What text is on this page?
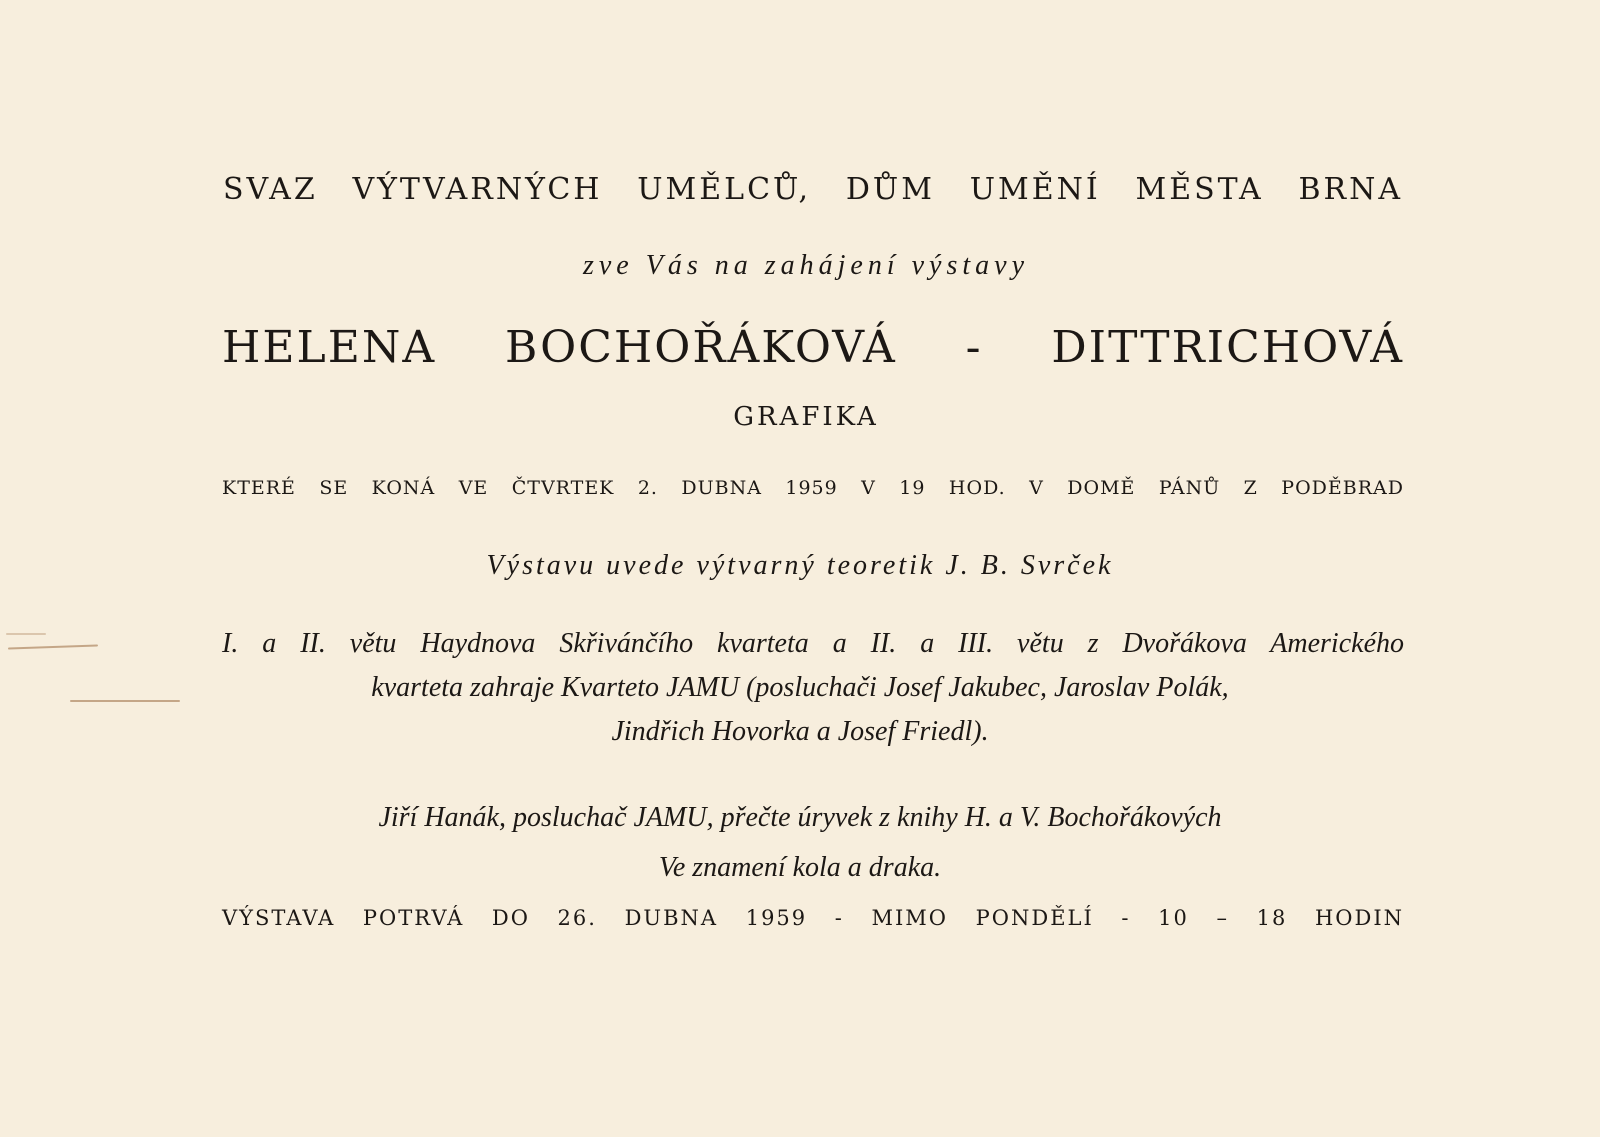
SVAZ VÝTVARNÝCH UMĚLCŮ, DŮM UMĚNÍ MĚSTA BRNA
zve Vás na zahájení výstavy
HELENA BOCHOŘÁKOVÁ - DITTRICHOVÁ
GRAFIKA
KTERÉ SE KONÁ VE ČTVRTEK 2. DUBNA 1959 V 19 HOD. V DOMĚ PÁNŮ Z PODĚBRAD
Výstavu uvede výtvarný teoretik J. B. Svrček
I. a II. větu Haydnova Skřivánčího kvarteta a II. a III. větu z Dvořákova Amerického
kvarteta zahraje Kvarteto JAMU (posluchači Josef Jakubec, Jaroslav Polák,
Jindřich Hovorka a Josef Friedl).
Jiří Hanák, posluchač JAMU, přečte úryvek z knihy H. a V. Bochořákových
Ve znamení kola a draka.
VÝSTAVA POTRVÁ DO 26. DUBNA 1959 - MIMO PONDĚLÍ - 10 – 18 HODIN
